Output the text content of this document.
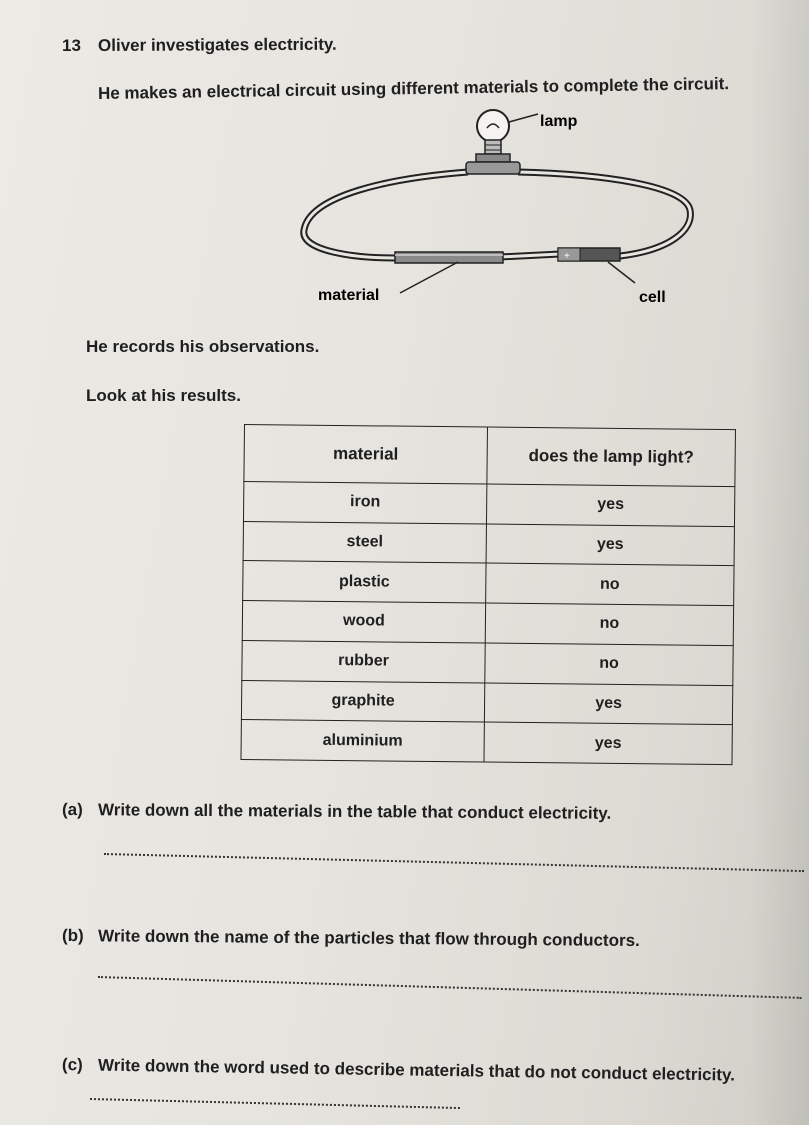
13 Oliver investigates electricity.
He makes an electrical circuit using different materials to complete the circuit.
lamp
material
+
cell
He records his observations.
Look at his results.
material	does the lamp light?
iron	yes
steel	yes
plastic	no
wood	no
rubber	no
graphite	yes
aluminium	yes
(a) Write down all the materials in the table that conduct electricity.
(b) Write down the name of the particles that flow through conductors.
(c) Write down the word used to describe materials that do not conduct electricity.
